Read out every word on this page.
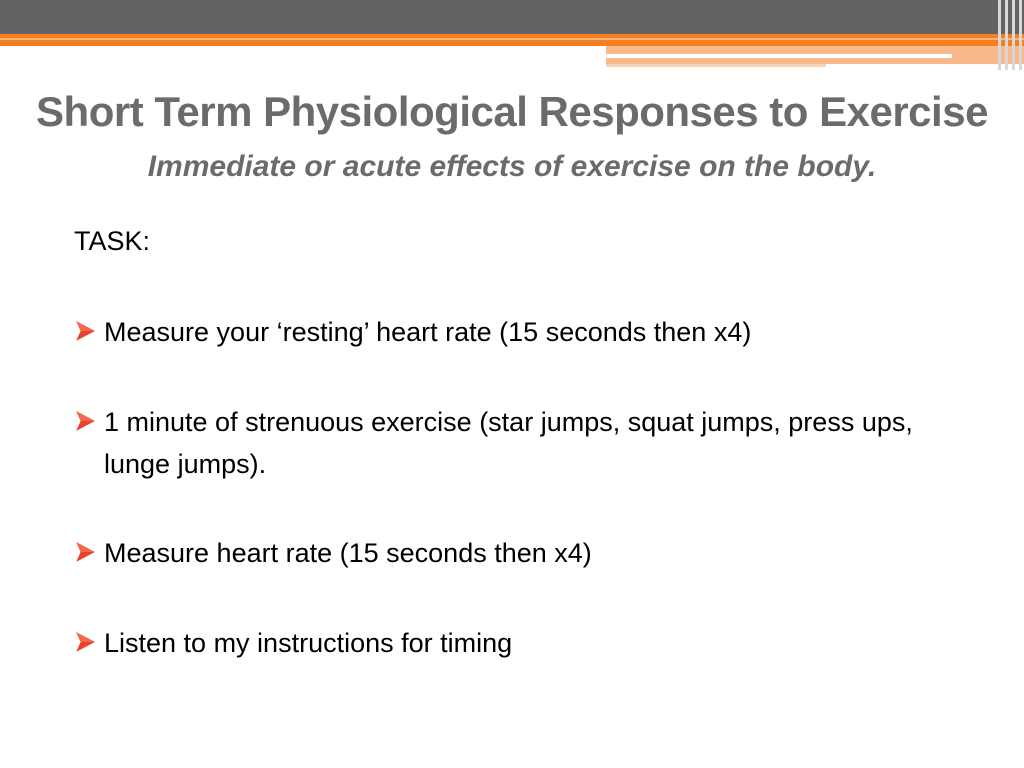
Short Term Physiological Responses to Exercise
Immediate or acute effects of exercise on the body.
TASK:
Measure your ‘resting’ heart rate (15 seconds then x4)
1 minute of strenuous exercise (star jumps, squat jumps, press ups, lunge jumps).
Measure heart rate (15 seconds then x4)
Listen to my instructions for timing
